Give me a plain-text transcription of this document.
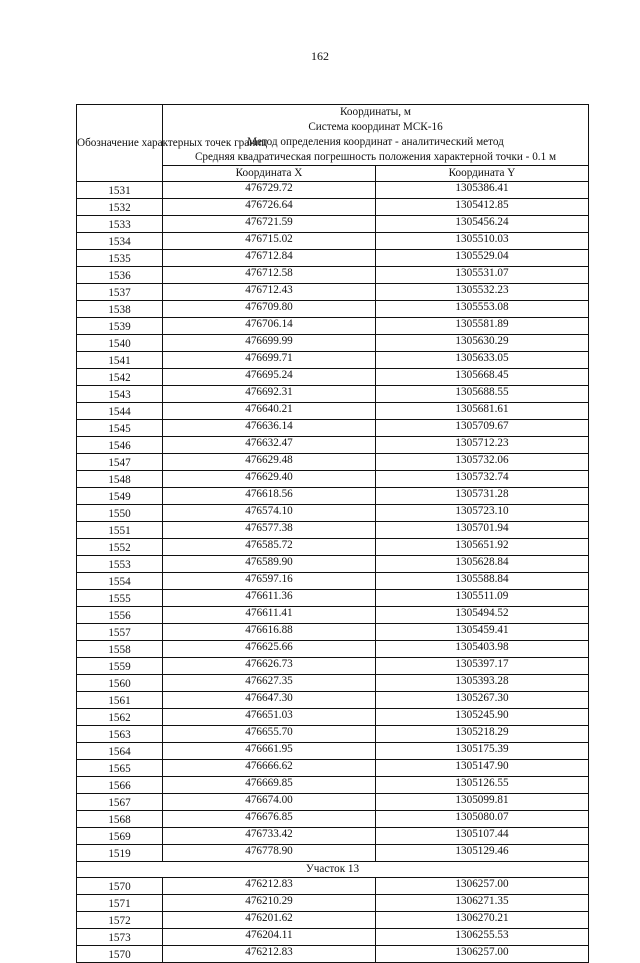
162
Обозначение характерных точек границ	Координаты, м
Система координат МСК-16
Метод определения координат - аналитический метод
Средняя квадратическая погрешность положения характерной точки - 0.1 м	

	Координата X	Координата Y
1531	476729.72	1305386.41
1532	476726.64	1305412.85
1533	476721.59	1305456.24
1534	476715.02	1305510.03
1535	476712.84	1305529.04
1536	476712.58	1305531.07
1537	476712.43	1305532.23
1538	476709.80	1305553.08
1539	476706.14	1305581.89
1540	476699.99	1305630.29
1541	476699.71	1305633.05
1542	476695.24	1305668.45
1543	476692.31	1305688.55
1544	476640.21	1305681.61
1545	476636.14	1305709.67
1546	476632.47	1305712.23
1547	476629.48	1305732.06
1548	476629.40	1305732.74
1549	476618.56	1305731.28
1550	476574.10	1305723.10
1551	476577.38	1305701.94
1552	476585.72	1305651.92
1553	476589.90	1305628.84
1554	476597.16	1305588.84
1555	476611.36	1305511.09
1556	476611.41	1305494.52
1557	476616.88	1305459.41
1558	476625.66	1305403.98
1559	476626.73	1305397.17
1560	476627.35	1305393.28
1561	476647.30	1305267.30
1562	476651.03	1305245.90
1563	476655.70	1305218.29
1564	476661.95	1305175.39
1565	476666.62	1305147.90
1566	476669.85	1305126.55
1567	476674.00	1305099.81
1568	476676.85	1305080.07
1569	476733.42	1305107.44
1519	476778.90	1305129.46
Участок 13		
1570	476212.83	1306257.00
1571	476210.29	1306271.35
1572	476201.62	1306270.21
1573	476204.11	1306255.53
1570	476212.83	1306257.00
